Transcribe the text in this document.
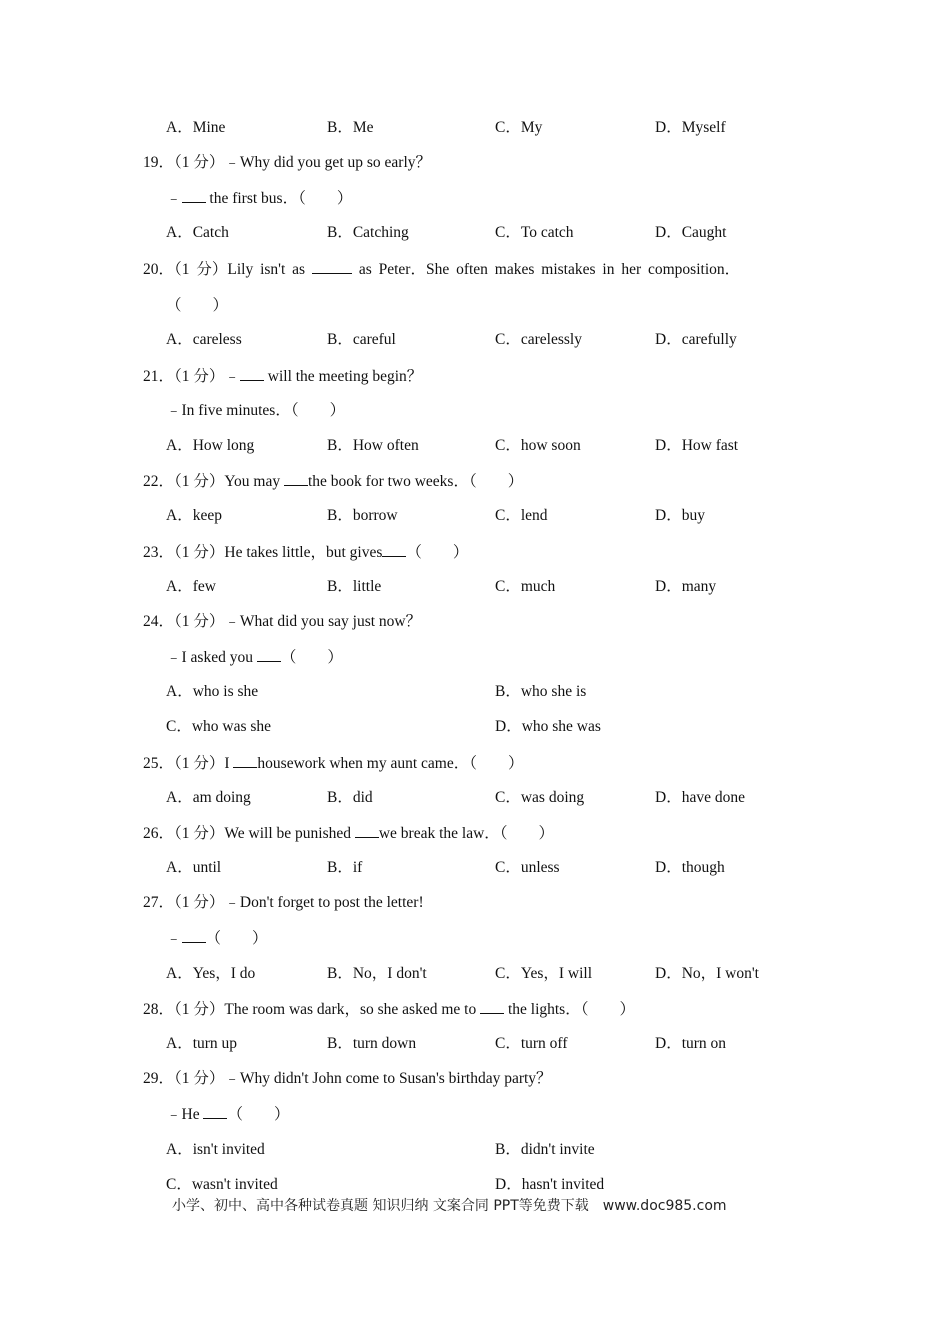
A．Mine	B．Me	C．My	D．Myself
19．（1 分）﹣Why did you get up so early？
﹣ the first bus．（　　）
A．Catch	B．Catching	C．To catch	D．Caught
20．（1 分）Lily isn't as	as Peter．She often makes mistakes in her composition．
（　　）
A．careless	B．careful	C．carelessly	D．carefully
21．（1 分）﹣ will the meeting begin？
﹣In five minutes．（　　）
A．How long	B．How often	C．how soon	D．How fast
22．（1 分）You may the book for two weeks．（　　）
A．keep	B．borrow	C．lend	D．buy
23．（1 分）He takes little，but gives （　　）
A．few	B．little	C．much	D．many
24．（1 分）﹣What did you say just now？
﹣I asked you （　　）
A．who is she	B．who she is
C．who was she	D．who she was
25．（1 分）I housework when my aunt came．（　　）
A．am doing	B．did	C．was doing	D．have done
26．（1 分）We will be punished we break the law．（　　）
A．until	B．if	C．unless	D．though
27．（1 分）﹣Don't forget to post the letter!
﹣ （　　）
A．Yes，I do	B．No，I don't	C．Yes，I will	D．No，I won't
28．（1 分）The room was dark，so she asked me to  the lights．（　　）
A．turn up	B．turn down	C．turn off	D．turn on
29．（1 分）﹣Why didn't John come to Susan's birthday party？
﹣He （　　）
A．isn't invited	B．didn't invite
C．wasn't invited	D．hasn't invited
小学、初中、高中各种试卷真题 知识归纳 文案合同 PPT等免费下载　www.doc985.com
